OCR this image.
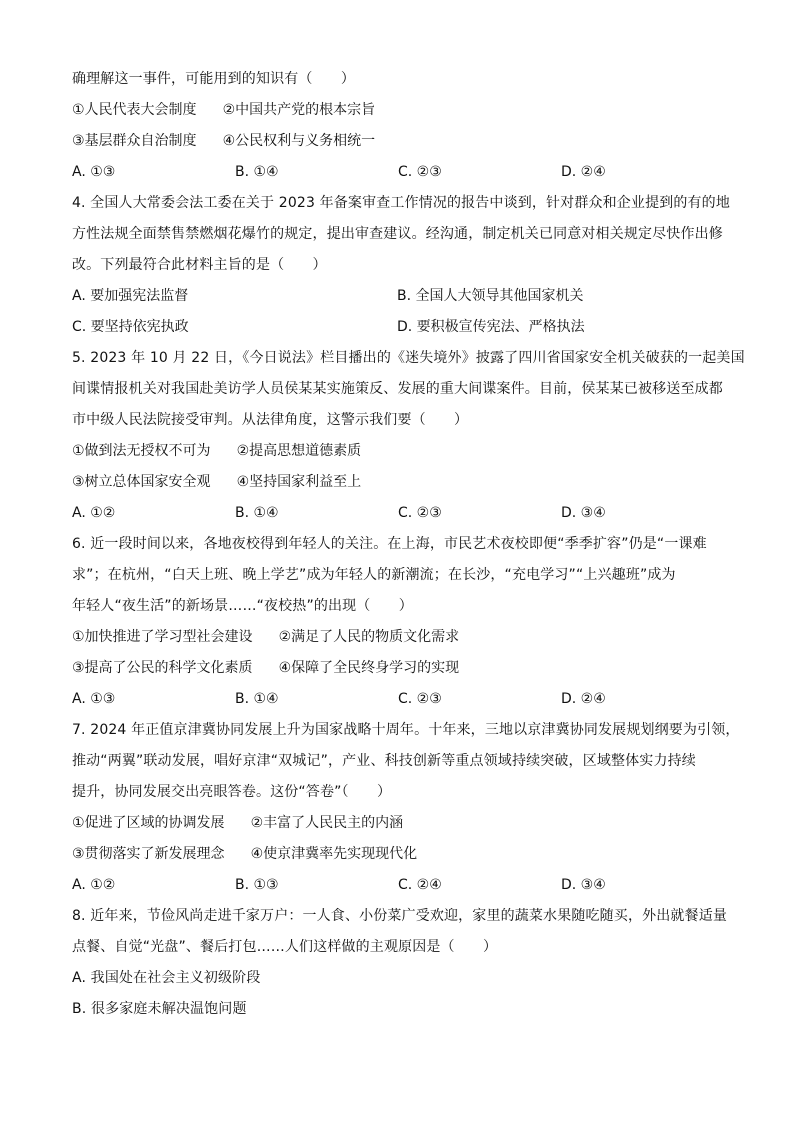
确理解这一事件，可能用到的知识有（　　）
①人民代表大会制度 ②中国共产党的根本宗旨
③基层群众自治制度 ④公民权利与义务相统一
A. ①③	B. ①④	C. ②③	D. ②④
4. 全国人大常委会法工委在关于 2023 年备案审查工作情况的报告中谈到，针对群众和企业提到的有的地
方性法规全面禁售禁燃烟花爆竹的规定，提出审查建议。经沟通，制定机关已同意对相关规定尽快作出修
改。下列最符合此材料主旨的是（　　）
A. 要加强宪法监督	B. 全国人大领导其他国家机关
C. 要坚持依宪执政	D. 要积极宣传宪法、严格执法
5. 2023 年 10 月 22 日，《今日说法》栏目播出的《迷失境外》披露了四川省国家安全机关破获的一起美国
间谍情报机关对我国赴美访学人员侯某某实施策反、发展的重大间谍案件。目前，侯某某已被移送至成都
市中级人民法院接受审判。从法律角度，这警示我们要（　　）
①做到法无授权不可为 ②提高思想道德素质
③树立总体国家安全观 ④坚持国家利益至上
A. ①②	B. ①④	C. ②③	D. ③④
6. 近一段时间以来，各地夜校得到年轻人的关注。在上海，市民艺术夜校即便“季季扩容”仍是“一课难
求”；在杭州，“白天上班、晚上学艺”成为年轻人的新潮流；在长沙，“充电学习”“上兴趣班”成为
年轻人“夜生活”的新场景……“夜校热”的出现（　　）
①加快推进了学习型社会建设 ②满足了人民的物质文化需求
③提高了公民的科学文化素质 ④保障了全民终身学习的实现
A. ①③	B. ①④	C. ②③	D. ②④
7. 2024 年正值京津冀协同发展上升为国家战略十周年。十年来，三地以京津冀协同发展规划纲要为引领，
推动“两翼”联动发展，唱好京津“双城记”，产业、科技创新等重点领域持续突破，区域整体实力持续
提升，协同发展交出亮眼答卷。这份“答卷”（　　）
①促进了区域的协调发展 ②丰富了人民民主的内涵
③贯彻落实了新发展理念 ④使京津冀率先实现现代化
A. ①②	B. ①③	C. ②④	D. ③④
8. 近年来，节俭风尚走进千家万户：一人食、小份菜广受欢迎，家里的蔬菜水果随吃随买，外出就餐适量
点餐、自觉“光盘”、餐后打包……人们这样做的主观原因是（　　）
A. 我国处在社会主义初级阶段
B. 很多家庭未解决温饱问题
